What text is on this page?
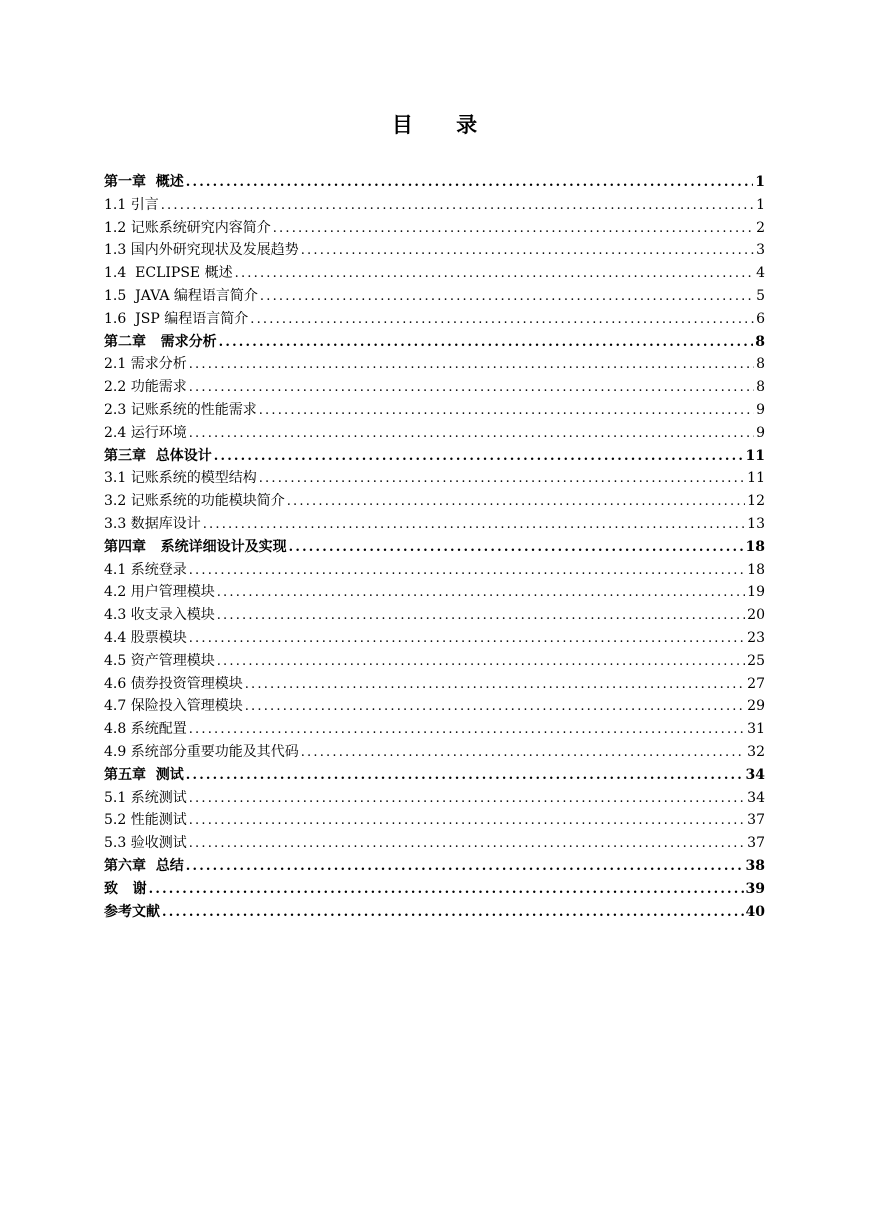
目 录
第一章  概述 .....	1
1.1 引言 .....	1
1.2 记账系统研究内容简介 .....	2
1.3 国内外研究现状及发展趋势 .....	3
1.4  ECLIPSE 概述 .....	4
1.5  JAVA 编程语言简介 .....	5
1.6  JSP 编程语言简介 .....	6
第二章   需求分析 .....	8
2.1 需求分析 .....	8
2.2 功能需求 .....	8
2.3 记账系统的性能需求 .....	9
2.4 运行环境 .....	9
第三章  总体设计 .....	11
3.1 记账系统的模型结构 .....	11
3.2 记账系统的功能模块简介 .....	12
3.3 数据库设计 .....	13
第四章   系统详细设计及实现 .....	18
4.1 系统登录 .....	18
4.2 用户管理模块 .....	19
4.3 收支录入模块 .....	20
4.4 股票模块 .....	23
4.5 资产管理模块 .....	25
4.6 债券投资管理模块 .....	27
4.7 保险投入管理模块 .....	29
4.8 系统配置 .....	31
4.9 系统部分重要功能及其代码 .....	32
第五章  测试 .....	34
5.1 系统测试 .....	34
5.2 性能测试 .....	37
5.3 验收测试 .....	37
第六章  总结 .....	38
致   谢 .....	39
参考文献 .....	40
